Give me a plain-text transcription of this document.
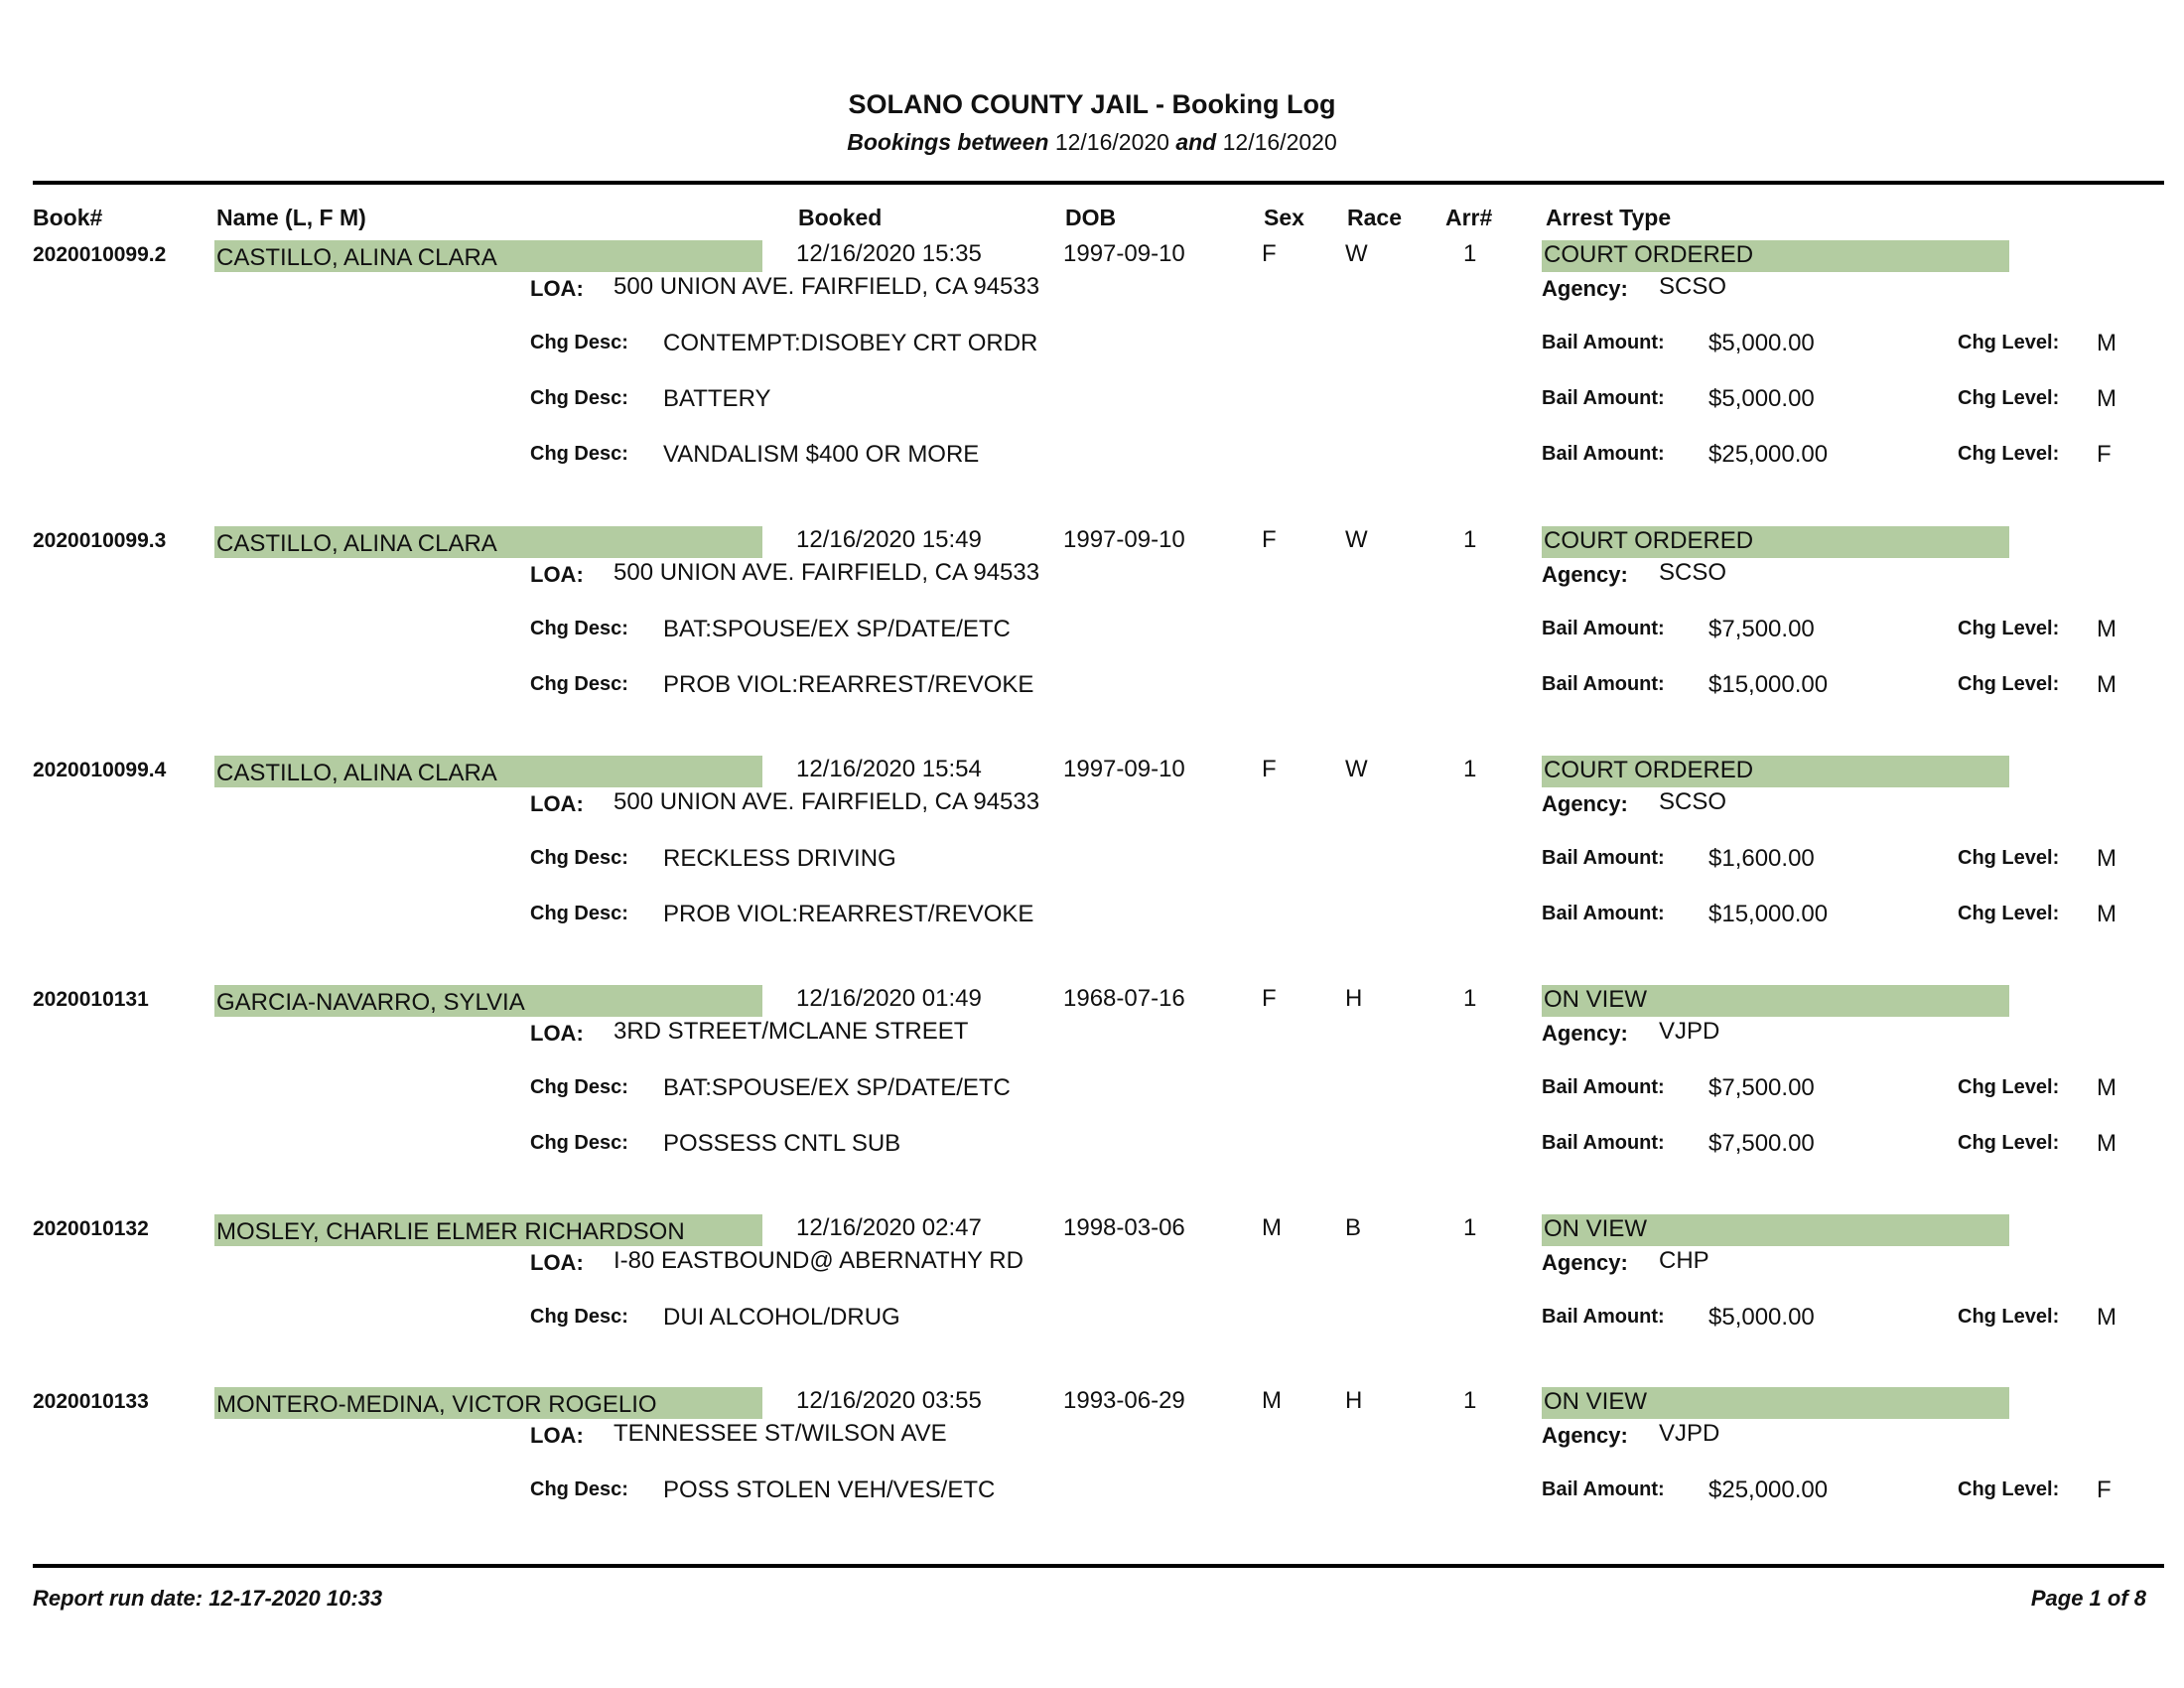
SOLANO COUNTY JAIL - Booking Log
Bookings between 12/16/2020 and 12/16/2020
Book#	Name (L, F M)	Booked	DOB	Sex Race Arr# Arrest Type
2020010099.2 CASTILLO, ALINA CLARA	12/16/2020 15:35	1997-09-10	F	W	1	COURT ORDERED
LOA: 500 UNION AVE. FAIRFIELD, CA 94533	Agency: SCSO
Chg Desc: CONTEMPT:DISOBEY CRT ORDR	Bail Amount: $5,000.00	Chg Level: M
Chg Desc: BATTERY	Bail Amount: $5,000.00	Chg Level: M
Chg Desc: VANDALISM $400 OR MORE	Bail Amount: $25,000.00	Chg Level: F
2020010099.3 CASTILLO, ALINA CLARA	12/16/2020 15:49	1997-09-10	F	W	1	COURT ORDERED
LOA: 500 UNION AVE. FAIRFIELD, CA 94533	Agency: SCSO
Chg Desc: BAT:SPOUSE/EX SP/DATE/ETC	Bail Amount: $7,500.00	Chg Level: M
Chg Desc: PROB VIOL:REARREST/REVOKE	Bail Amount: $15,000.00	Chg Level: M
2020010099.4 CASTILLO, ALINA CLARA	12/16/2020 15:54	1997-09-10	F	W	1	COURT ORDERED
LOA: 500 UNION AVE. FAIRFIELD, CA 94533	Agency: SCSO
Chg Desc: RECKLESS DRIVING	Bail Amount: $1,600.00	Chg Level: M
Chg Desc: PROB VIOL:REARREST/REVOKE	Bail Amount: $15,000.00	Chg Level: M
2020010131	GARCIA-NAVARRO, SYLVIA	12/16/2020 01:49	1968-07-16	F	H	1	ON VIEW
LOA: 3RD STREET/MCLANE STREET	Agency: VJPD
Chg Desc: BAT:SPOUSE/EX SP/DATE/ETC	Bail Amount: $7,500.00	Chg Level: M
Chg Desc: POSSESS CNTL SUB	Bail Amount: $7,500.00	Chg Level: M
2020010132	MOSLEY, CHARLIE ELMER RICHARDSON	12/16/2020 02:47	1998-03-06	M	B	1	ON VIEW
LOA: I-80 EASTBOUND@ ABERNATHY RD	Agency: CHP
Chg Desc: DUI ALCOHOL/DRUG	Bail Amount: $5,000.00	Chg Level: M
2020010133	MONTERO-MEDINA, VICTOR ROGELIO	12/16/2020 03:55	1993-06-29	M	H	1	ON VIEW
LOA: TENNESSEE ST/WILSON AVE	Agency: VJPD
Chg Desc: POSS STOLEN VEH/VES/ETC	Bail Amount: $25,000.00	Chg Level: F
Report run date: 12-17-2020 10:33	Page 1 of 8
